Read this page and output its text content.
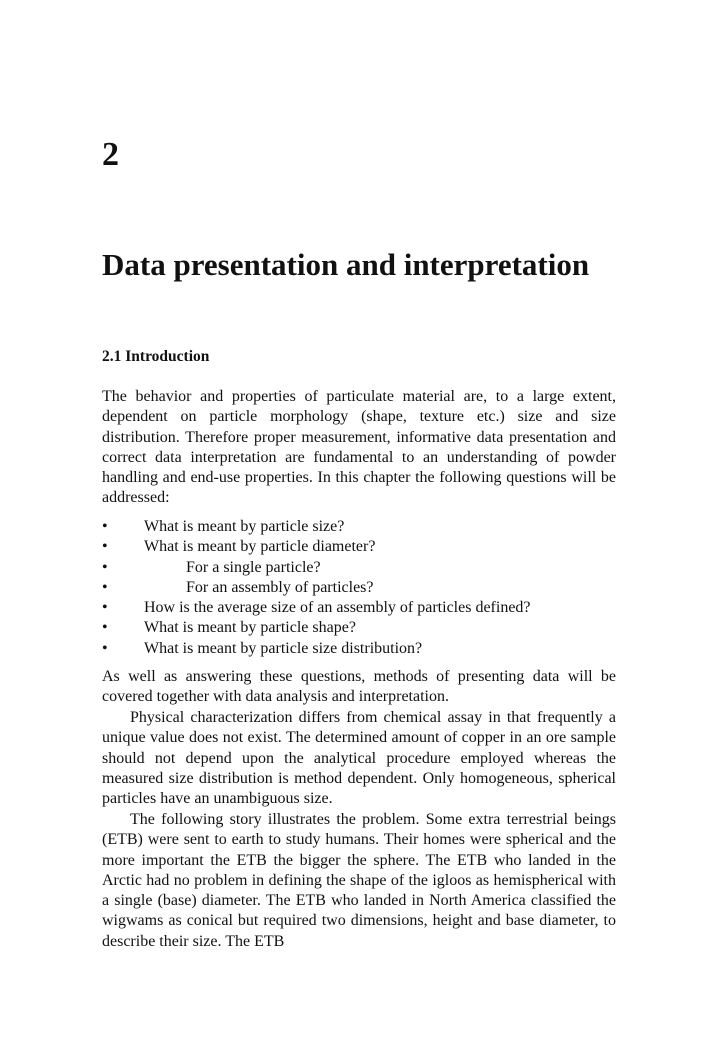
2
Data presentation and interpretation
2.1 Introduction

The behavior and properties of particulate material are, to a large extent, dependent on particle morphology (shape, texture etc.) size and size distribution. Therefore proper measurement, informative data presentation and correct data interpretation are fundamental to an understanding of powder handling and end-use properties. In this chapter the following questions will be addressed:

• What is meant by particle size?
• What is meant by particle diameter?
•	For a single particle?
•	For an assembly of particles?
• How is the average size of an assembly of particles defined?
• What is meant by particle shape?
• What is meant by particle size distribution?

As well as answering these questions, methods of presenting data will be covered together with data analysis and interpretation.

Physical characterization differs from chemical assay in that frequently a unique value does not exist. The determined amount of copper in an ore sample should not depend upon the analytical procedure employed whereas the measured size distribution is method dependent. Only homogeneous, spherical particles have an unambiguous size.

The following story illustrates the problem. Some extra terrestrial beings (ETB) were sent to earth to study humans. Their homes were spherical and the more important the ETB the bigger the sphere. The ETB who landed in the Arctic had no problem in defining the shape of the igloos as hemispherical with a single (base) diameter. The ETB who landed in North America classified the wigwams as conical but required two dimensions, height and base diameter, to describe their size. The ETB
